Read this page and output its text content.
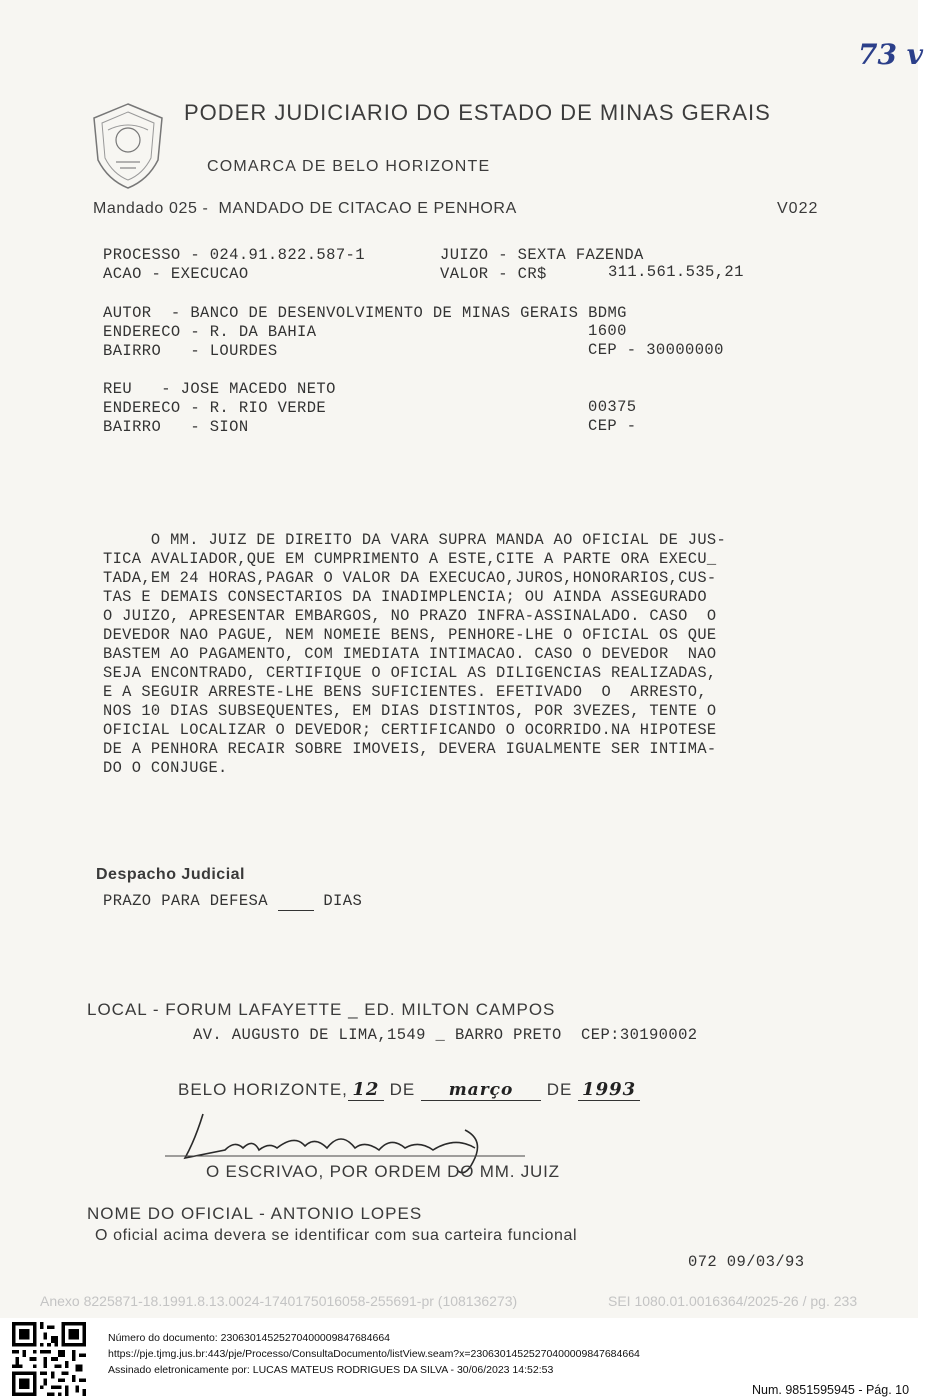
PODER JUDICIARIO DO ESTADO DE MINAS GERAIS
COMARCA DE BELO HORIZONTE
Mandado 025 - MANDADO DE CITACAO E PENHORA	V022
73 v
PROCESSO - 024.91.822.587-1	JUIZO - SEXTA FAZENDA
ACAO - EXECUCAO	VALOR - CR$	311.561.535,21
AUTOR  - BANCO DE DESENVOLVIMENTO DE MINAS GERAIS BDMG
ENDERECO - R. DA BAHIA	1600
BAIRRO   - LOURDES	CEP - 30000000
REU   - JOSE MACEDO NETO
ENDERECO - R. RIO VERDE	00375
BAIRRO   - SION	CEP -
O MM. JUIZ DE DIREITO DA VARA SUPRA MANDA AO OFICIAL DE JUS-
TICA AVALIADOR,QUE EM CUMPRIMENTO A ESTE,CITE A PARTE ORA EXECU_
TADA,EM 24 HORAS,PAGAR O VALOR DA EXECUCAO,JUROS,HONORARIOS,CUS-
TAS E DEMAIS CONSECTARIOS DA INADIMPLENCIA; OU AINDA ASSEGURADO
O JUIZO, APRESENTAR EMBARGOS, NO PRAZO INFRA-ASSINALADO. CASO  O
DEVEDOR NAO PAGUE, NEM NOMEIE BENS, PENHORE-LHE O OFICIAL OS QUE
BASTEM AO PAGAMENTO, COM IMEDIATA INTIMACAO. CASO O DEVEDOR  NAO
SEJA ENCONTRADO, CERTIFIQUE O OFICIAL AS DILIGENCIAS REALIZADAS,
E A SEGUIR ARRESTE-LHE BENS SUFICIENTES. EFETIVADO  O  ARRESTO,
NOS 10 DIAS SUBSEQUENTES, EM DIAS DISTINTOS, POR 3VEZES, TENTE O
OFICIAL LOCALIZAR O DEVEDOR; CERTIFICANDO O OCORRIDO.NA HIPOTESE
DE A PENHORA RECAIR SOBRE IMOVEIS, DEVERA IGUALMENTE SER INTIMA-
DO O CONJUGE.
Despacho Judicial
PRAZO PARA DEFESA	DIAS
LOCAL - FORUM LAFAYETTE _ ED. MILTON CAMPOS
AV. AUGUSTO DE LIMA,1549 _ BARRO PRETO  CEP:30190002
BELO HORIZONTE, 12 DE março DE 1993
O ESCRIVAO, POR ORDEM DO MM. JUIZ
NOME DO OFICIAL - ANTONIO LOPES
O oficial acima devera se identificar com sua carteira funcional
072 09/03/93
Anexo 8225871-18.1991.8.13.0024-1740175016058-255691-pr (108136273)	SEI 1080.01.0016364/2025-26 / pg. 233
Número do documento: 23063014525270400009847684664
https://pje.tjmg.jus.br:443/pje/Processo/ConsultaDocumento/listView.seam?x=23063014525270400009847684664
Assinado eletronicamente por: LUCAS MATEUS RODRIGUES DA SILVA - 30/06/2023 14:52:53
Num. 9851595945 - Pág. 10
